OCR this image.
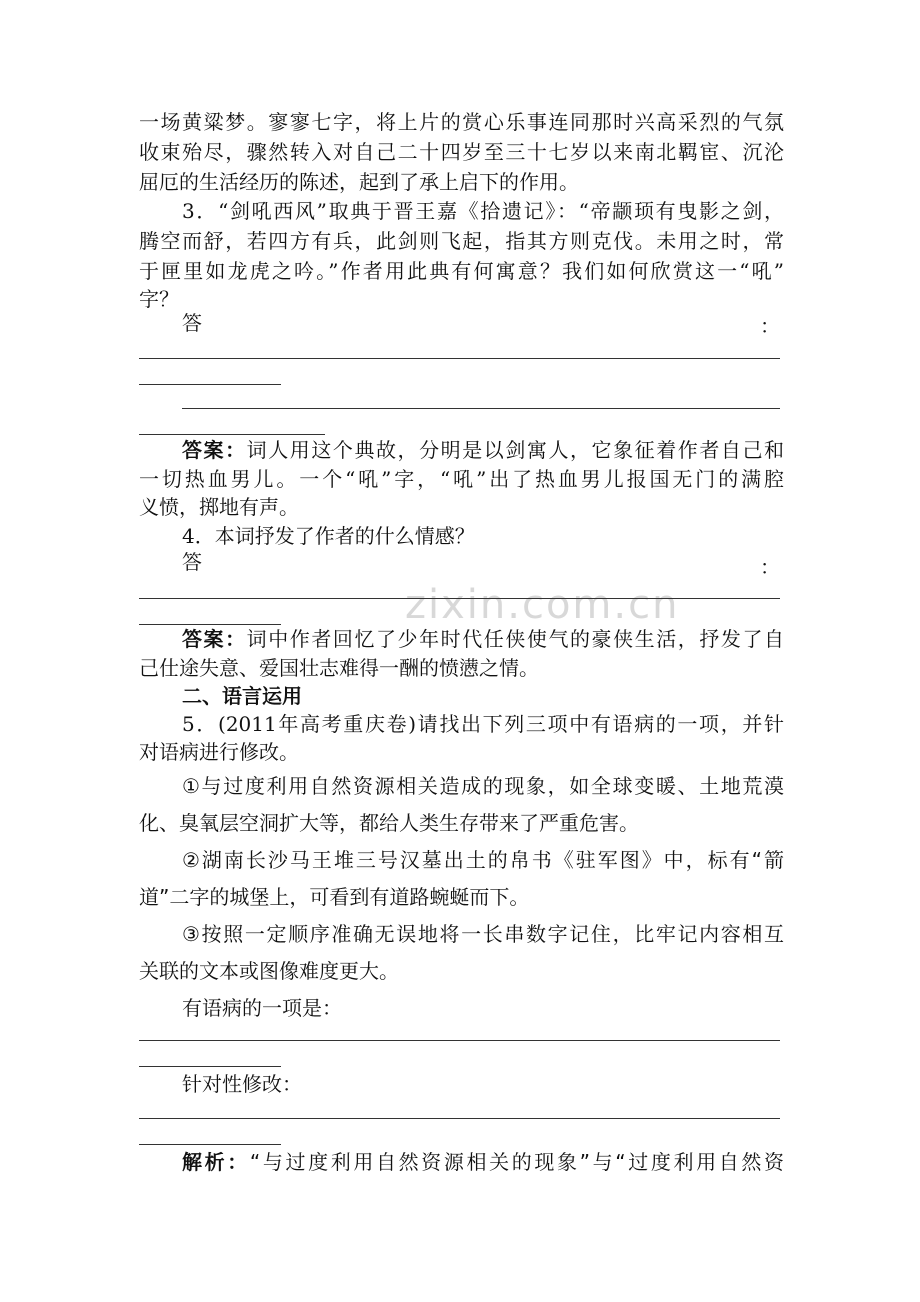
zixin.com.cn
一场黄粱梦。寥寥七字，将上片的赏心乐事连同那时兴高采烈的气氛
收束殆尽，骤然转入对自己二十四岁至三十七岁以来南北羁宦、沉沦
屈厄的生活经历的陈述，起到了承上启下的作用。
3．“剑吼西风”取典于晋王嘉《拾遗记》：“帝颛顼有曳影之剑，
腾空而舒，若四方有兵，此剑则飞起，指其方则克伐。未用之时，常
于匣里如龙虎之吟。”作者用此典有何寓意？我们如何欣赏这一“吼”
字？
答	：
答案：词人用这个典故，分明是以剑寓人，它象征着作者自己和
一切热血男儿。一个“吼”字，“吼”出了热血男儿报国无门的满腔
义愤，掷地有声。
4．本词抒发了作者的什么情感？
答	：
答案：词中作者回忆了少年时代任侠使气的豪侠生活，抒发了自
己仕途失意、爱国壮志难得一酬的愤懑之情。
二、语言运用
5．(2011年高考重庆卷)请找出下列三项中有语病的一项，并针
对语病进行修改。
①与过度利用自然资源相关造成的现象，如全球变暖、土地荒漠
化、臭氧层空洞扩大等，都给人类生存带来了严重危害。
②湖南长沙马王堆三号汉墓出土的帛书《驻军图》中，标有“箭
道”二字的城堡上，可看到有道路蜿蜒而下。
③按照一定顺序准确无误地将一长串数字记住，比牢记内容相互
关联的文本或图像难度更大。
有语病的一项是：
针对性修改：
解析：“与过度利用自然资源相关的现象”与“过度利用自然资
